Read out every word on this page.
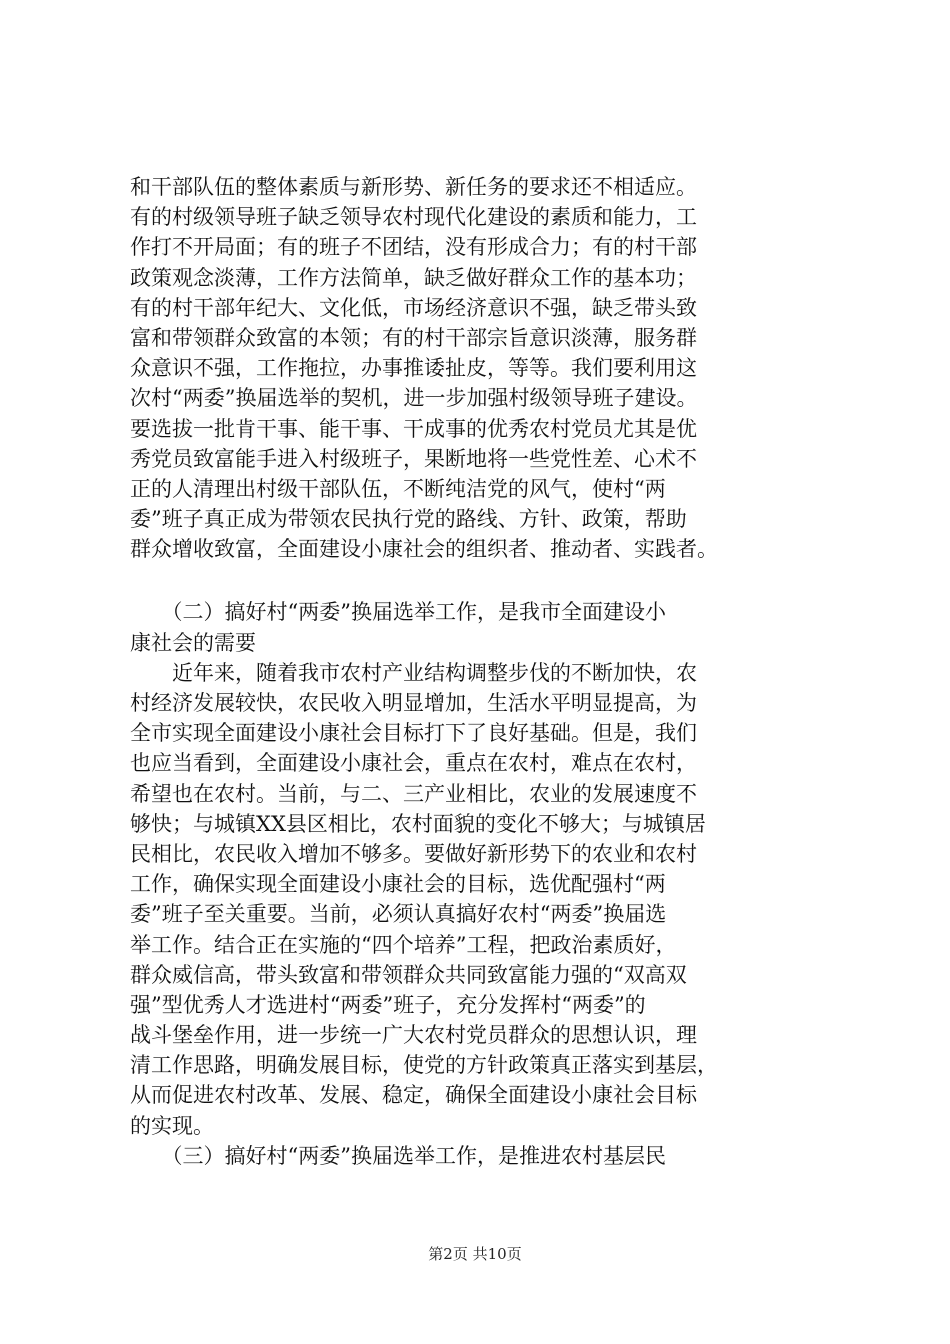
和干部队伍的整体素质与新形势、新任务的要求还不相适应。
有的村级领导班子缺乏领导农村现代化建设的素质和能力，工
作打不开局面；有的班子不团结，没有形成合力；有的村干部
政策观念淡薄，工作方法简单，缺乏做好群众工作的基本功；
有的村干部年纪大、文化低，市场经济意识不强，缺乏带头致
富和带领群众致富的本领；有的村干部宗旨意识淡薄，服务群
众意识不强，工作拖拉，办事推诿扯皮，等等。我们要利用这
次村“两委”换届选举的契机，进一步加强村级领导班子建设。
要选拔一批肯干事、能干事、干成事的优秀农村党员尤其是优
秀党员致富能手进入村级班子，果断地将一些党性差、心术不
正的人清理出村级干部队伍，不断纯洁党的风气，使村“两
委”班子真正成为带领农民执行党的路线、方针、政策，帮助
群众增收致富，全面建设小康社会的组织者、推动者、实践者。
　　（二）搞好村“两委”换届选举工作，是我市全面建设小
康社会的需要
　　近年来，随着我市农村产业结构调整步伐的不断加快，农
村经济发展较快，农民收入明显增加，生活水平明显提高，为
全市实现全面建设小康社会目标打下了良好基础。但是，我们
也应当看到，全面建设小康社会，重点在农村，难点在农村，
希望也在农村。当前，与二、三产业相比，农业的发展速度不
够快；与城镇XX县区相比，农村面貌的变化不够大；与城镇居
民相比，农民收入增加不够多。要做好新形势下的农业和农村
工作，确保实现全面建设小康社会的目标，选优配强村“两
委”班子至关重要。当前，必须认真搞好农村“两委”换届选
举工作。结合正在实施的“四个培养”工程，把政治素质好，
群众威信高，带头致富和带领群众共同致富能力强的“双高双
强”型优秀人才选进村“两委”班子，充分发挥村“两委”的
战斗堡垒作用，进一步统一广大农村党员群众的思想认识，理
清工作思路，明确发展目标，使党的方针政策真正落实到基层，
从而促进农村改革、发展、稳定，确保全面建设小康社会目标
的实现。
　　（三）搞好村“两委”换届选举工作，是推进农村基层民
第2页 共10页
